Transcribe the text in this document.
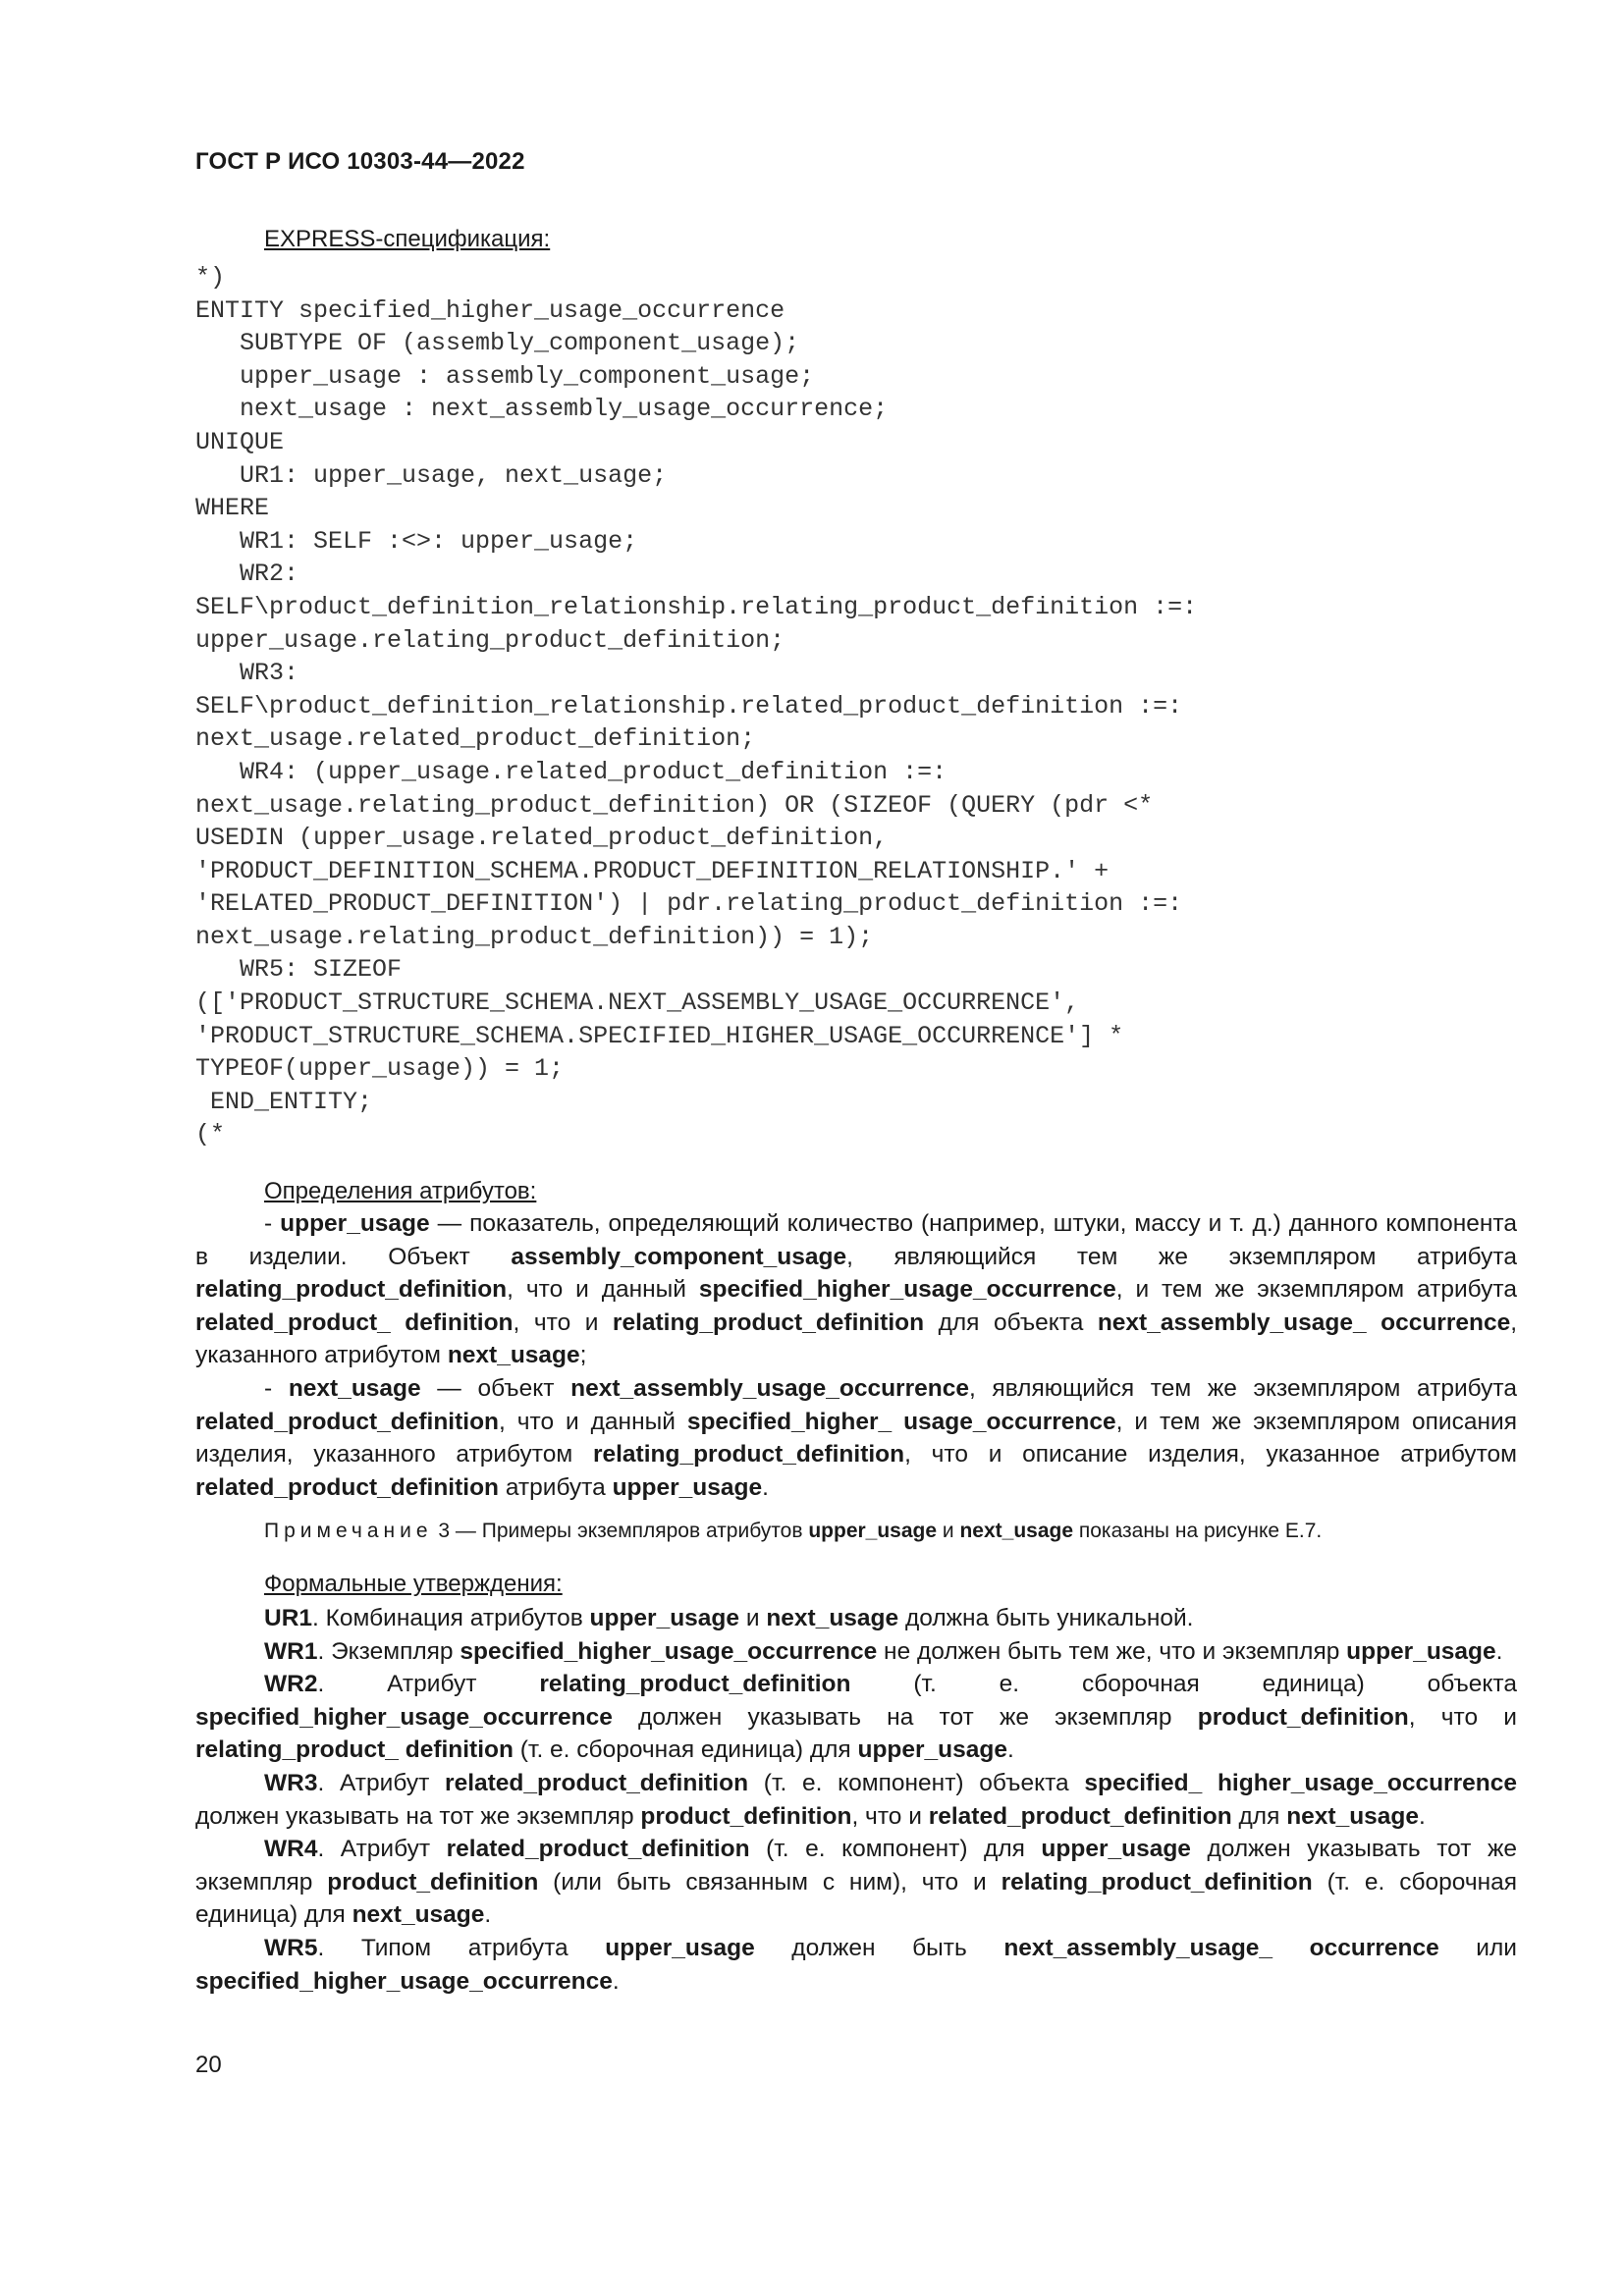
ГОСТ Р ИСО 10303-44—2022
EXPRESS-спецификация:
*)
ENTITY specified_higher_usage_occurrence
SUBTYPE OF (assembly_component_usage);
upper_usage : assembly_component_usage;
next_usage : next_assembly_usage_occurrence;
UNIQUE
UR1: upper_usage, next_usage;
WHERE
WR1: SELF :<>: upper_usage;
WR2:
SELF\product_definition_relationship.relating_product_definition :=:
upper_usage.relating_product_definition;
WR3:
SELF\product_definition_relationship.related_product_definition :=:
next_usage.related_product_definition;
WR4: (upper_usage.related_product_definition :=:
next_usage.relating_product_definition) OR (SIZEOF (QUERY (pdr <*
USEDIN (upper_usage.related_product_definition,
'PRODUCT_DEFINITION_SCHEMA.PRODUCT_DEFINITION_RELATIONSHIP.' +
'RELATED_PRODUCT_DEFINITION') | pdr.relating_product_definition :=:
next_usage.relating_product_definition)) = 1);
WR5: SIZEOF
(['PRODUCT_STRUCTURE_SCHEMA.NEXT_ASSEMBLY_USAGE_OCCURRENCE',
'PRODUCT_STRUCTURE_SCHEMA.SPECIFIED_HIGHER_USAGE_OCCURRENCE'] *
TYPEOF(upper_usage)) = 1;
END_ENTITY;
(*
Определения атрибутов:

- upper_usage — показатель, определяющий количество (например, штуки, массу и т. д.) данного компонента в изделии. Объект assembly_component_usage, являющийся тем же экземпляром атрибута relating_product_definition, что и данный specified_higher_usage_occurrence, и тем же экземпляром атрибута related_product_ definition, что и relating_product_definition для объекта next_assembly_usage_ occurrence, указанного атрибутом next_usage;

- next_usage — объект next_assembly_usage_occurrence, являющийся тем же экземпляром атрибута related_product_definition, что и данный specified_higher_ usage_occurrence, и тем же экземпляром описания изделия, указанного атрибутом relating_product_definition, что и описание изделия, указанное атрибутом related_product_definition атрибута upper_usage.

Примечание 3 — Примеры экземпляров атрибутов upper_usage и next_usage показаны на рисунке Е.7.
Формальные утверждения:

UR1. Комбинация атрибутов upper_usage и next_usage должна быть уникальной.

WR1. Экземпляр specified_higher_usage_occurrence не должен быть тем же, что и экземпляр upper_usage.

WR2. Атрибут relating_product_definition (т. е. сборочная единица) объекта specified_higher_usage_occurrence должен указывать на тот же экземпляр product_definition, что и relating_product_ definition (т. е. сборочная единица) для upper_usage.

WR3. Атрибут related_product_definition (т. е. компонент) объекта specified_ higher_usage_occurrence должен указывать на тот же экземпляр product_definition, что и related_product_definition для next_usage.

WR4. Атрибут related_product_definition (т. е. компонент) для upper_usage должен указывать тот же экземпляр product_definition (или быть связанным с ним), что и relating_product_definition (т. е. сборочная единица) для next_usage.

WR5. Типом атрибута upper_usage должен быть next_assembly_usage_ occurrence или specified_higher_usage_occurrence.

20
